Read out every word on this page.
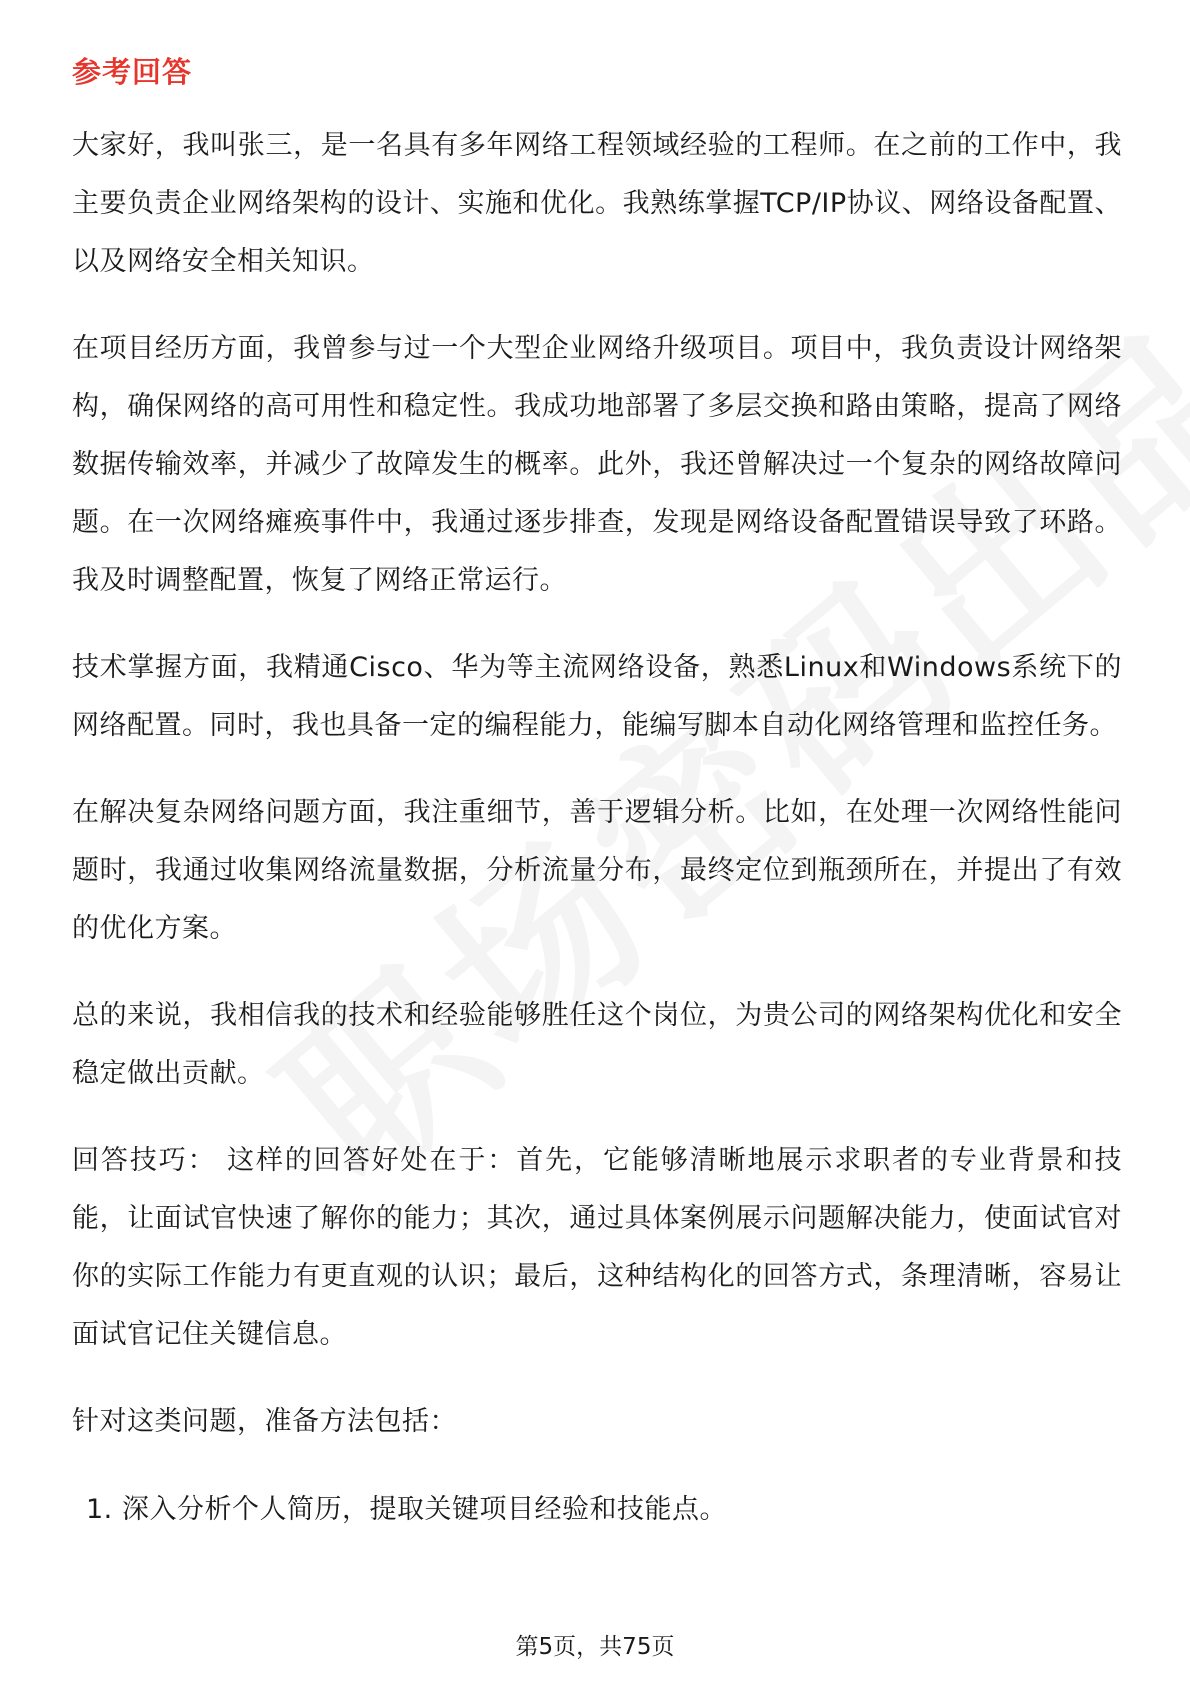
参考回答

大家好，我叫张三，是一名具有多年网络工程领域经验的工程师。在之前的工作中，我主要负责企业网络架构的设计、实施和优化。我熟练掌握TCP/IP协议、网络设备配置、以及网络安全相关知识。

在项目经历方面，我曾参与过一个大型企业网络升级项目。项目中，我负责设计网络架构，确保网络的高可用性和稳定性。我成功地部署了多层交换和路由策略，提高了网络数据传输效率，并减少了故障发生的概率。此外，我还曾解决过一个复杂的网络故障问题。在一次网络瘫痪事件中，我通过逐步排查，发现是网络设备配置错误导致了环路。我及时调整配置，恢复了网络正常运行。

技术掌握方面，我精通Cisco、华为等主流网络设备，熟悉Linux和Windows系统下的网络配置。同时，我也具备一定的编程能力，能编写脚本自动化网络管理和监控任务。

在解决复杂网络问题方面，我注重细节，善于逻辑分析。比如，在处理一次网络性能问题时，我通过收集网络流量数据，分析流量分布，最终定位到瓶颈所在，并提出了有效的优化方案。

总的来说，我相信我的技术和经验能够胜任这个岗位，为贵公司的网络架构优化和安全稳定做出贡献。

回答技巧： 这样的回答好处在于：首先，它能够清晰地展示求职者的专业背景和技能，让面试官快速了解你的能力；其次，通过具体案例展示问题解决能力，使面试官对你的实际工作能力有更直观的认识；最后，这种结构化的回答方式，条理清晰，容易让面试官记住关键信息。

针对这类问题，准备方法包括：

1. 深入分析个人简历，提取关键项目经验和技能点。
第5页，共75页
